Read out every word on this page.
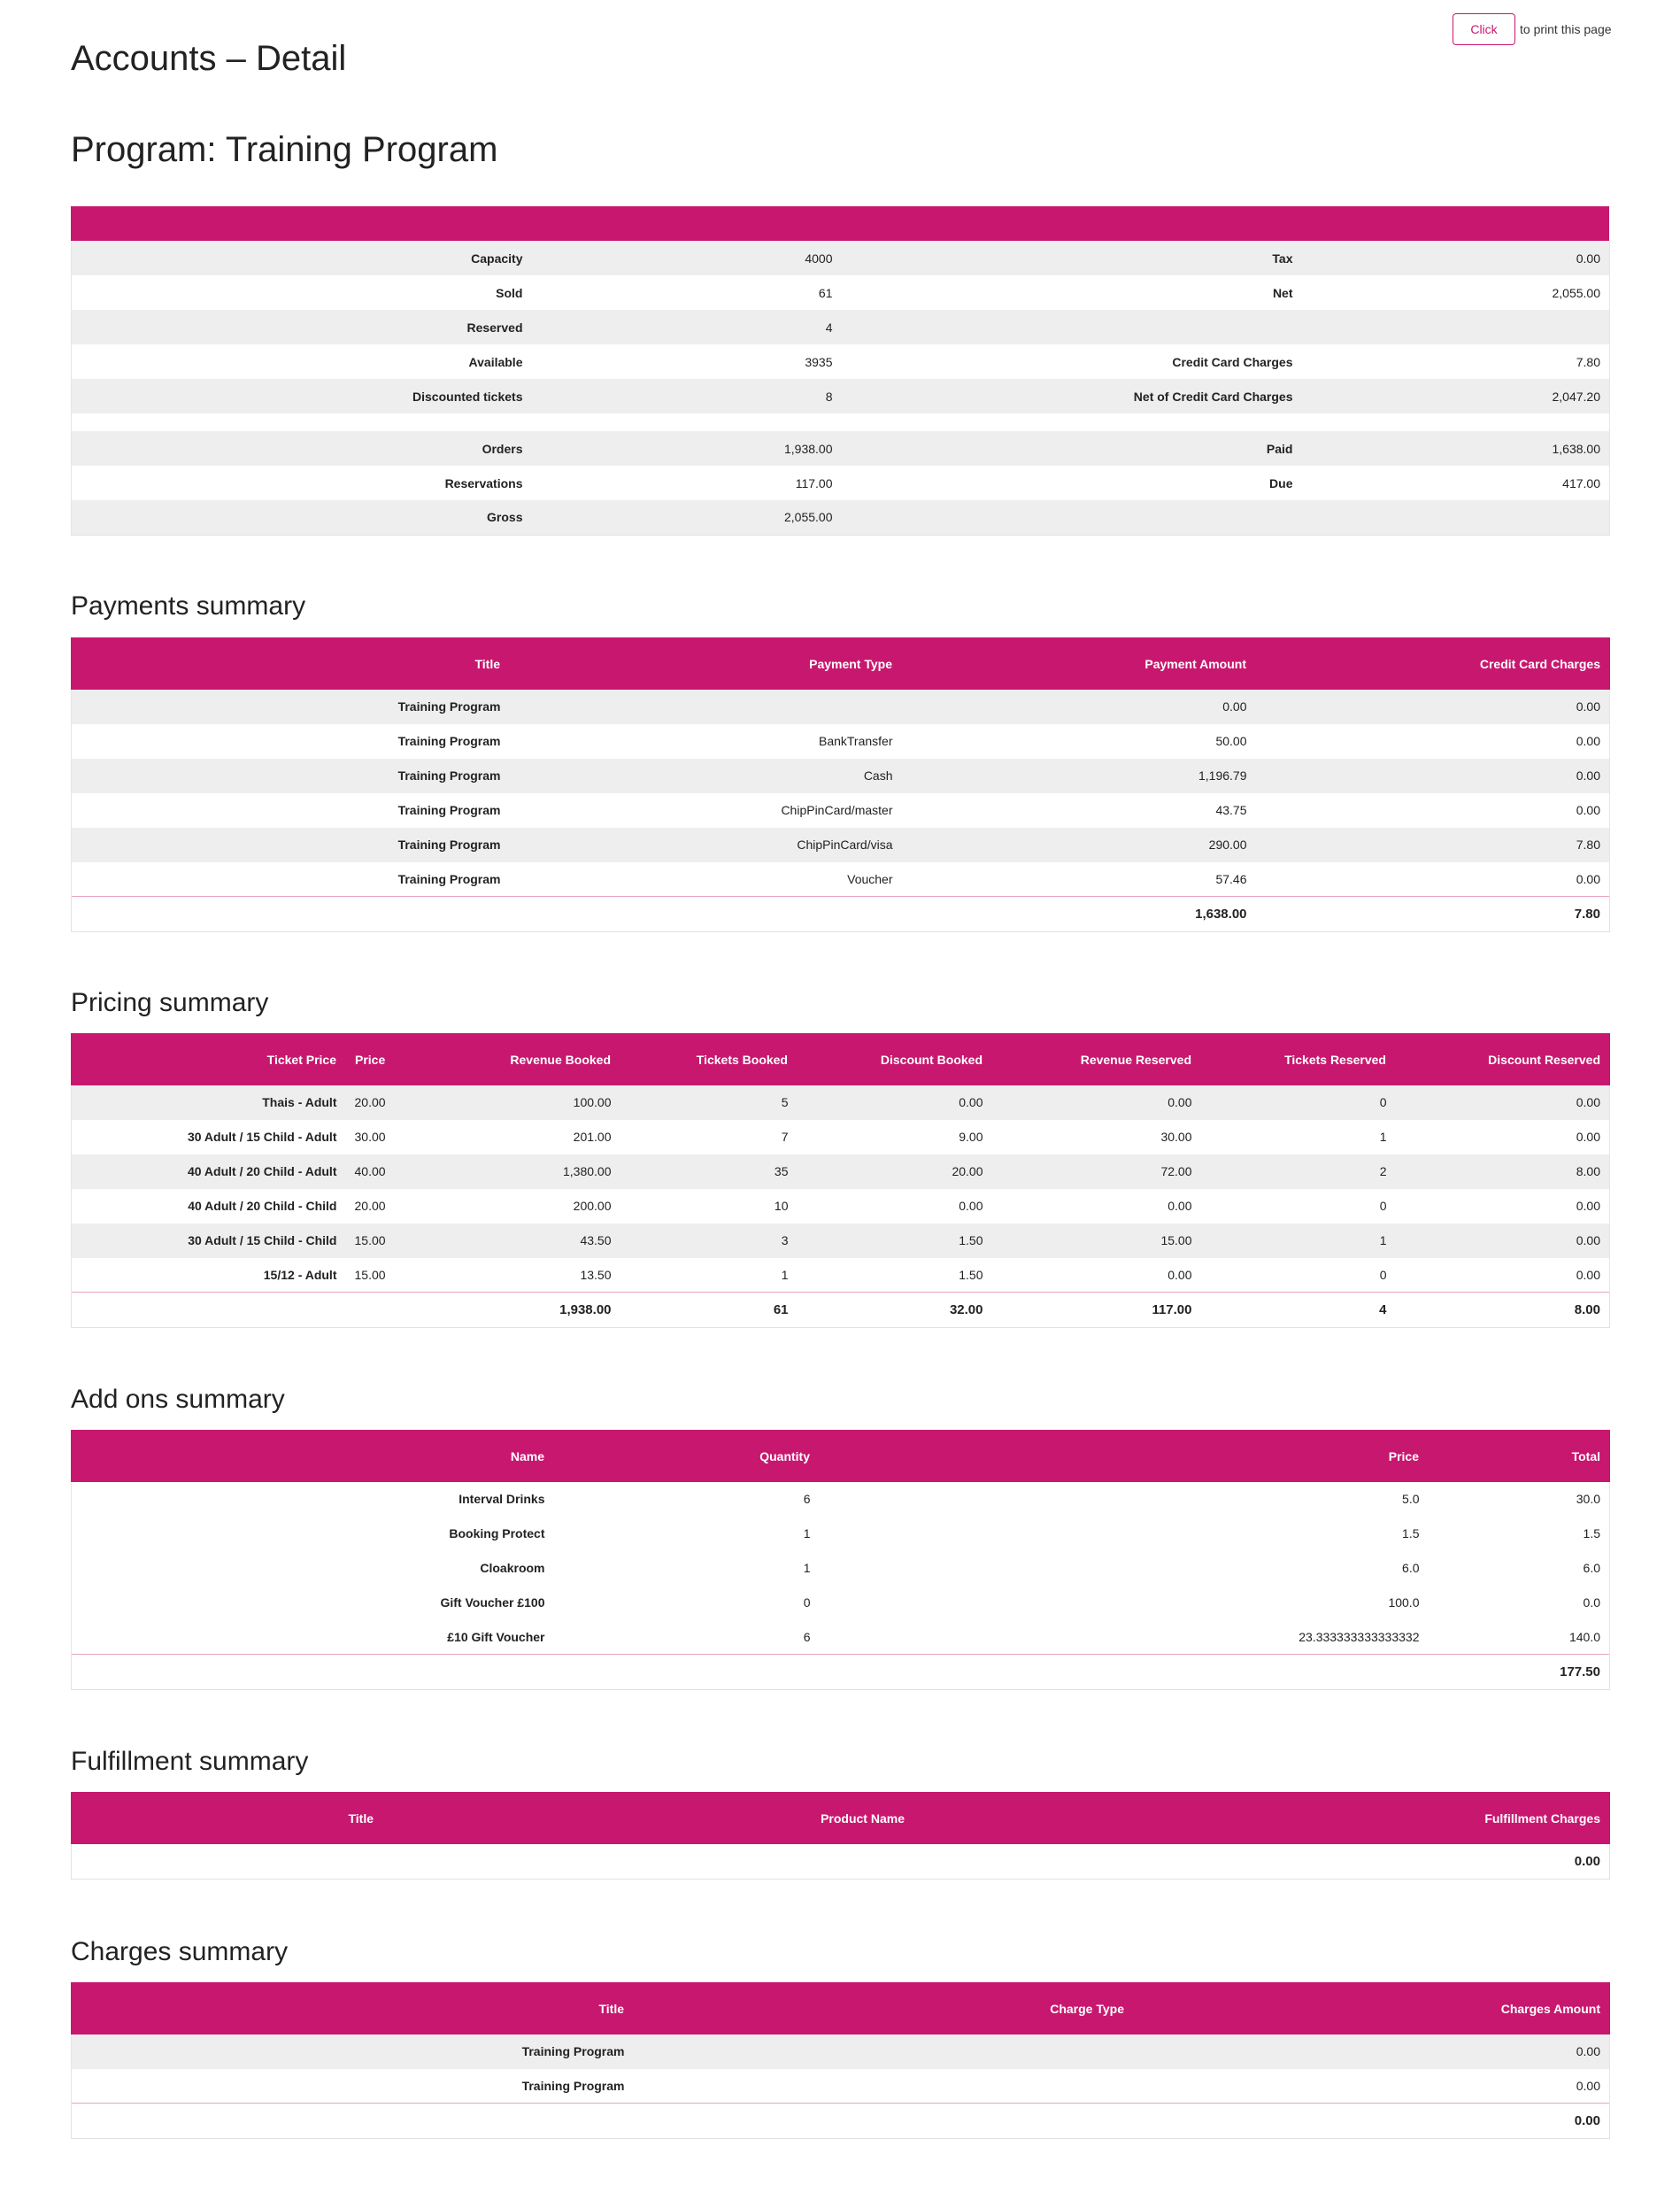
Click	to print this page
Accounts – Detail
Program: Training Program
Capacity	4000	Tax	0.00
Sold	61	Net	2,055.00
Reserved	4		
Available	3935	Credit Card Charges	7.80
Discounted tickets	8	Net of Credit Card Charges	2,047.20

Orders	1,938.00	Paid	1,638.00
Reservations	117.00	Due	417.00
Gross	2,055.00		
Payments summary
Title	Payment Type	Payment Amount	Credit Card Charges
Training Program		0.00	0.00
Training Program	BankTransfer	50.00	0.00
Training Program	Cash	1,196.79	0.00
Training Program	ChipPinCard/master	43.75	0.00
Training Program	ChipPinCard/visa	290.00	7.80
Training Program	Voucher	57.46	0.00
		1,638.00	7.80
Pricing summary
Ticket Price	Price	Revenue Booked	Tickets Booked	Discount Booked	Revenue Reserved	Tickets Reserved	Discount Reserved
Thais - Adult	20.00	100.00	5	0.00	0.00	0	0.00
30 Adult / 15 Child - Adult	30.00	201.00	7	9.00	30.00	1	0.00
40 Adult / 20 Child - Adult	40.00	1,380.00	35	20.00	72.00	2	8.00
40 Adult / 20 Child - Child	20.00	200.00	10	0.00	0.00	0	0.00
30 Adult / 15 Child - Child	15.00	43.50	3	1.50	15.00	1	0.00
15/12 - Adult	15.00	13.50	1	1.50	0.00	0	0.00
		1,938.00	61	32.00	117.00	4	8.00
Add ons summary
Name	Quantity	Price	Total
Interval Drinks	6	5.0	30.0
Booking Protect	1	1.5	1.5
Cloakroom	1	6.0	6.0
Gift Voucher £100	0	100.0	0.0
£10 Gift Voucher	6	23.333333333333332	140.0
			177.50
Fulfillment summary
Title	Product Name	Fulfillment Charges
		0.00
Charges summary
Title	Charge Type	Charges Amount
Training Program		0.00
Training Program		0.00
		0.00
